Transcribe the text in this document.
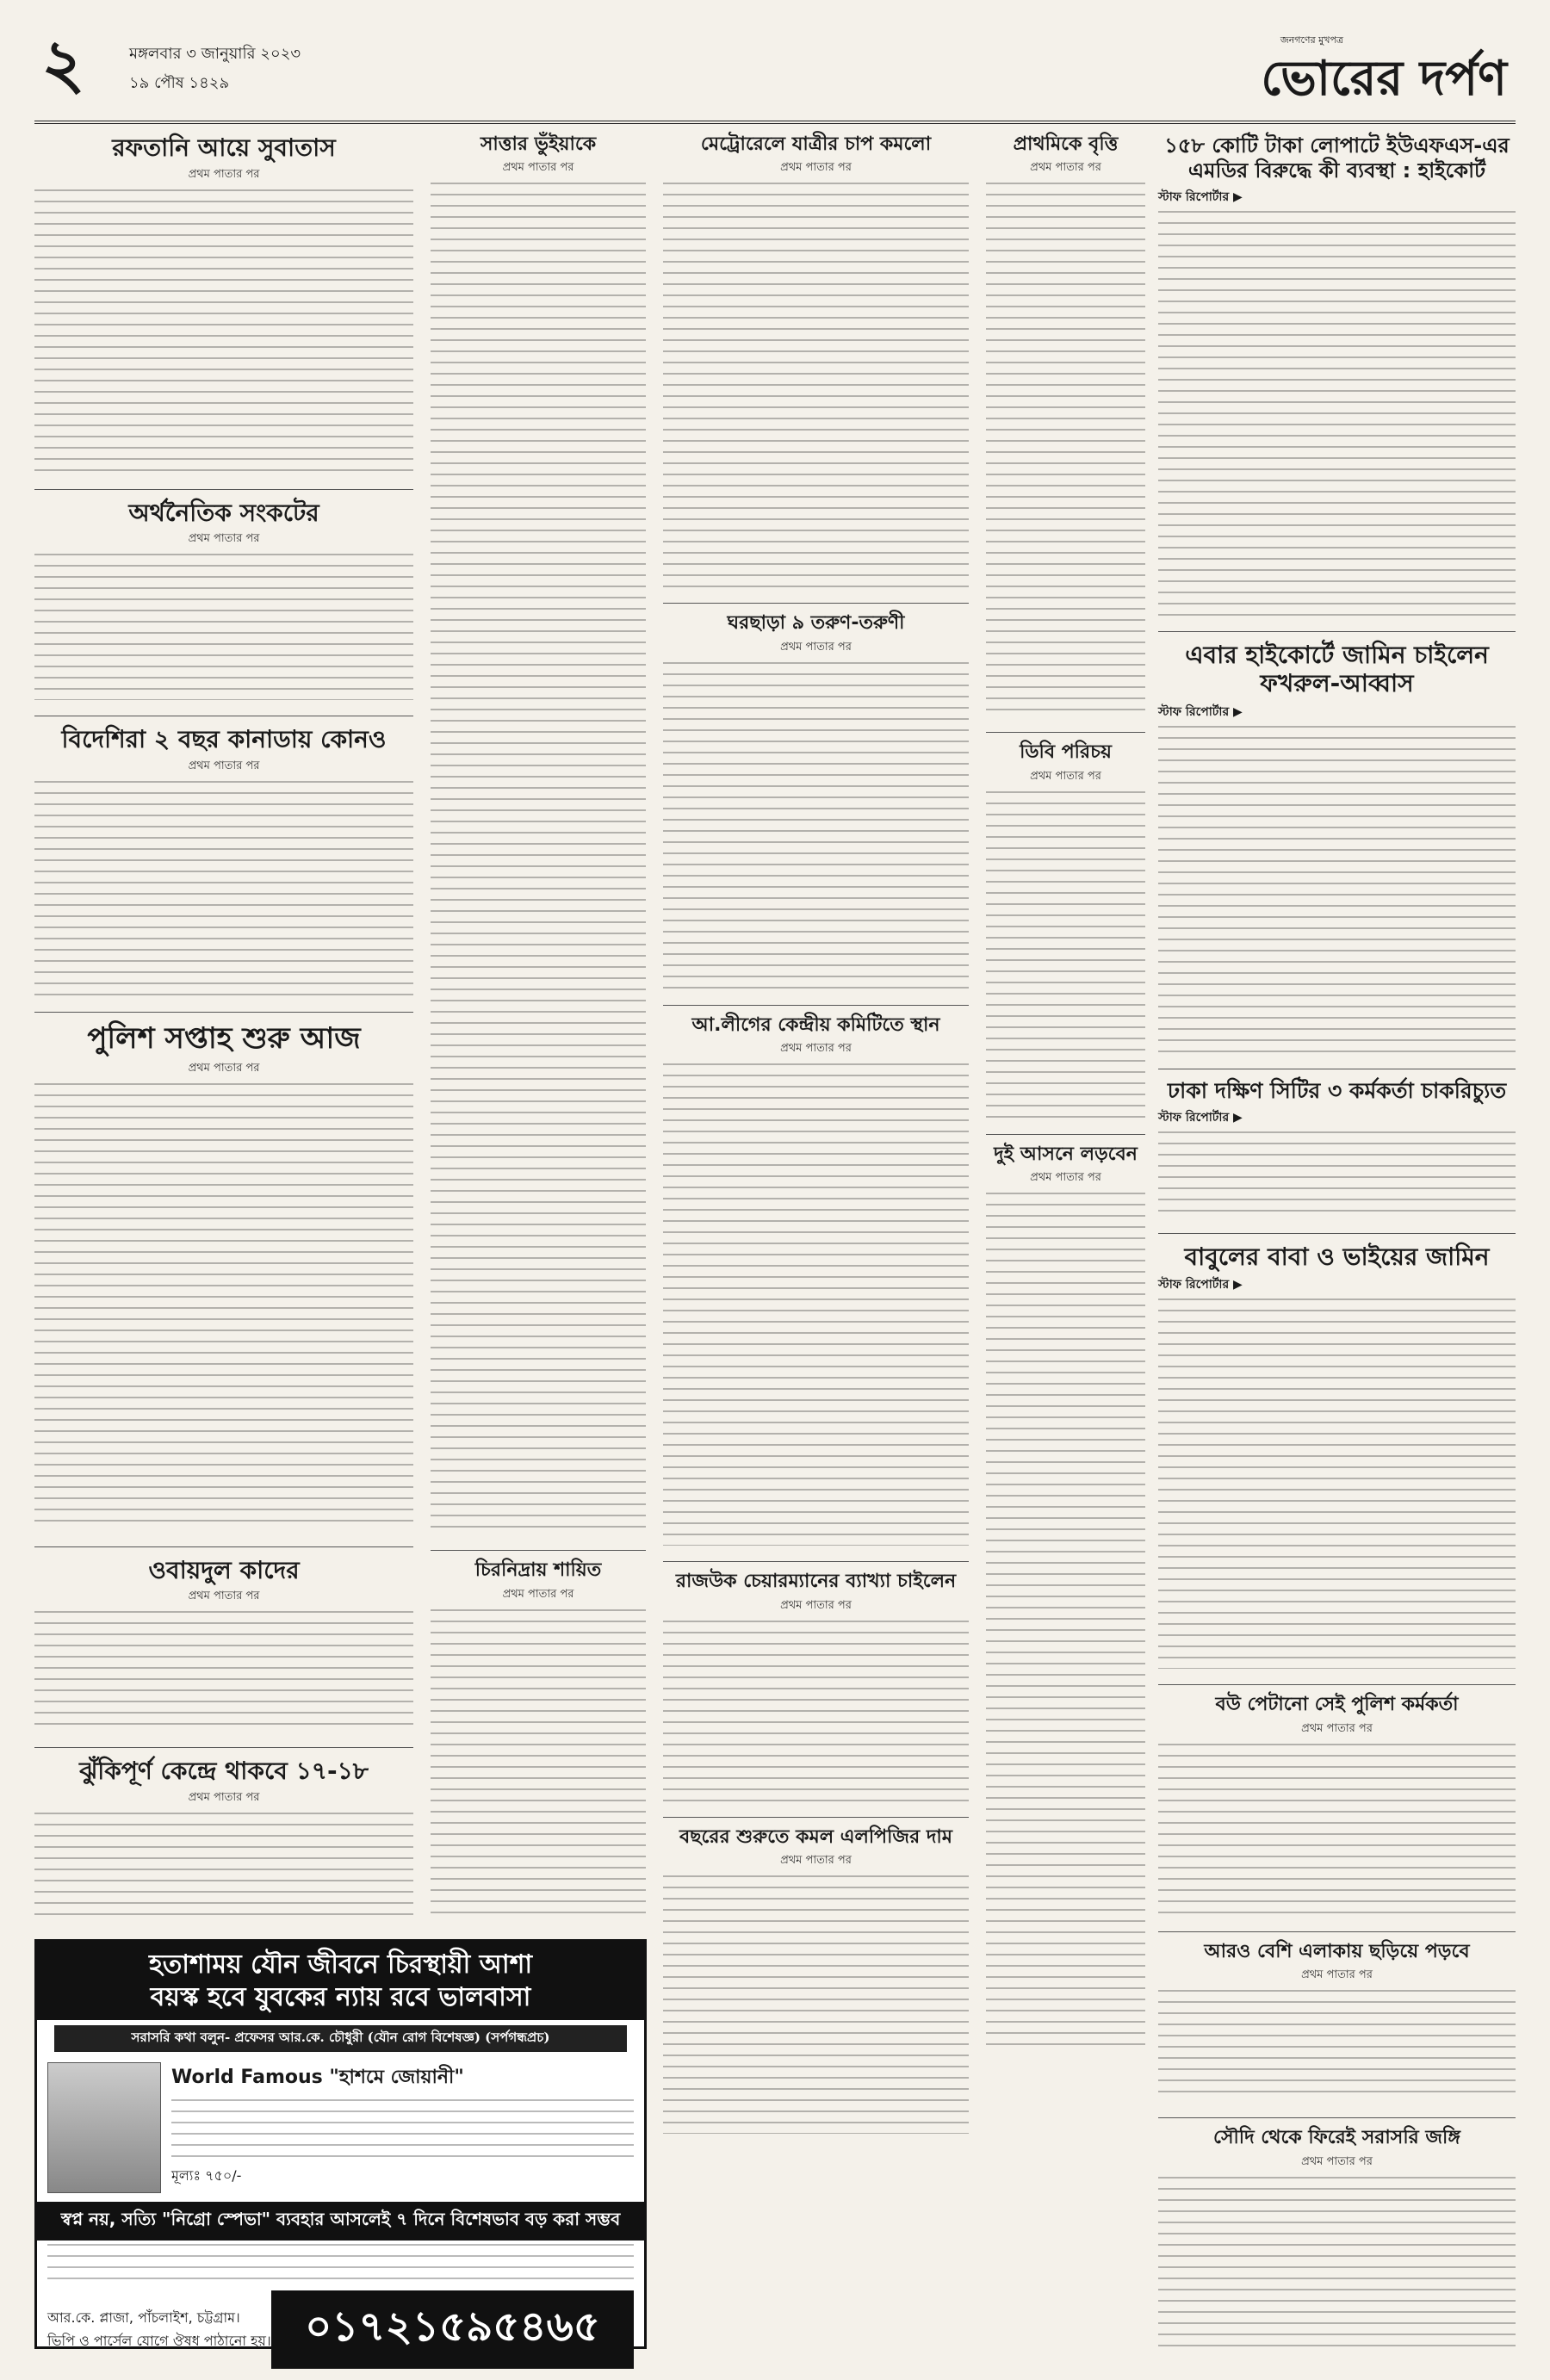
২	মঙ্গলবার ৩ জানুয়ারি ২০২৩
১৯ পৌষ ১৪২৯
জনগণের মুখপত্র
ভোরের দর্পণ
রফতানি আয়ে সুবাতাস
প্রথম পাতার পর
অর্থনৈতিক সংকটের
প্রথম পাতার পর
বিদেশিরা ২ বছর কানাডায় কোনও
প্রথম পাতার পর
পুলিশ সপ্তাহ শুরু আজ
প্রথম পাতার পর
ওবায়দুল কাদের
প্রথম পাতার পর
ঝুঁকিপূর্ণ কেন্দ্রে থাকবে ১৭-১৮
প্রথম পাতার পর
সাত্তার ভুঁইয়াকে
প্রথম পাতার পর
চিরনিদ্রায় শায়িত
প্রথম পাতার পর
মেট্রোরেলে যাত্রীর চাপ কমলো
প্রথম পাতার পর
ঘরছাড়া ৯ তরুণ-তরুণী
প্রথম পাতার পর
আ.লীগের কেন্দ্রীয় কমিটিতে স্থান
প্রথম পাতার পর
রাজউক চেয়ারম্যানের ব্যাখ্যা চাইলেন
প্রথম পাতার পর
বছরের শুরুতে কমল এলপিজির দাম
প্রথম পাতার পর
প্রাথমিকে বৃত্তি
প্রথম পাতার পর
ডিবি পরিচয়
প্রথম পাতার পর
দুই আসনে লড়বেন
প্রথম পাতার পর
১৫৮ কোটি টাকা লোপাটে ইউএফএস-এর এমডির বিরুদ্ধে কী ব্যবস্থা : হাইকোর্ট
স্টাফ রিপোর্টার ▶
এবার হাইকোর্টে জামিন চাইলেন ফখরুল-আব্বাস
স্টাফ রিপোর্টার ▶
ঢাকা দক্ষিণ সিটির ৩ কর্মকর্তা চাকরিচ্যুত
স্টাফ রিপোর্টার ▶
বাবুলের বাবা ও ভাইয়ের জামিন
স্টাফ রিপোর্টার ▶
বউ পেটানো সেই পুলিশ কর্মকর্তা
প্রথম পাতার পর
আরও বেশি এলাকায় ছড়িয়ে পড়বে
প্রথম পাতার পর
সৌদি থেকে ফিরেই সরাসরি জঙ্গি
প্রথম পাতার পর
হতাশাময় যৌন জীবনে চিরস্থায়ী আশা
বয়স্ক হবে যুবকের ন্যায় রবে ভালবাসা
সরাসরি কথা বলুন- প্রফেসর আর.কে. চৌধুরী (যৌন রোগ বিশেষজ্ঞ) (সর্পগন্ধপ্রচ)
World Famous "হাশমে জোয়ানী"
মূল্যঃ ৭৫০/-
স্বপ্ন নয়, সত্যি "নিগ্রো স্পেভা" ব্যবহার আসলেই ৭ দিনে বিশেষভাব বড় করা সম্ভব
আর.কে. প্লাজা, পাঁচলাইশ, চট্টগ্রাম।
ভিপি ও পার্সেল যোগে ঔষধ পাঠানো হয়। ০১৭২১৫৯৫৪৬৫
